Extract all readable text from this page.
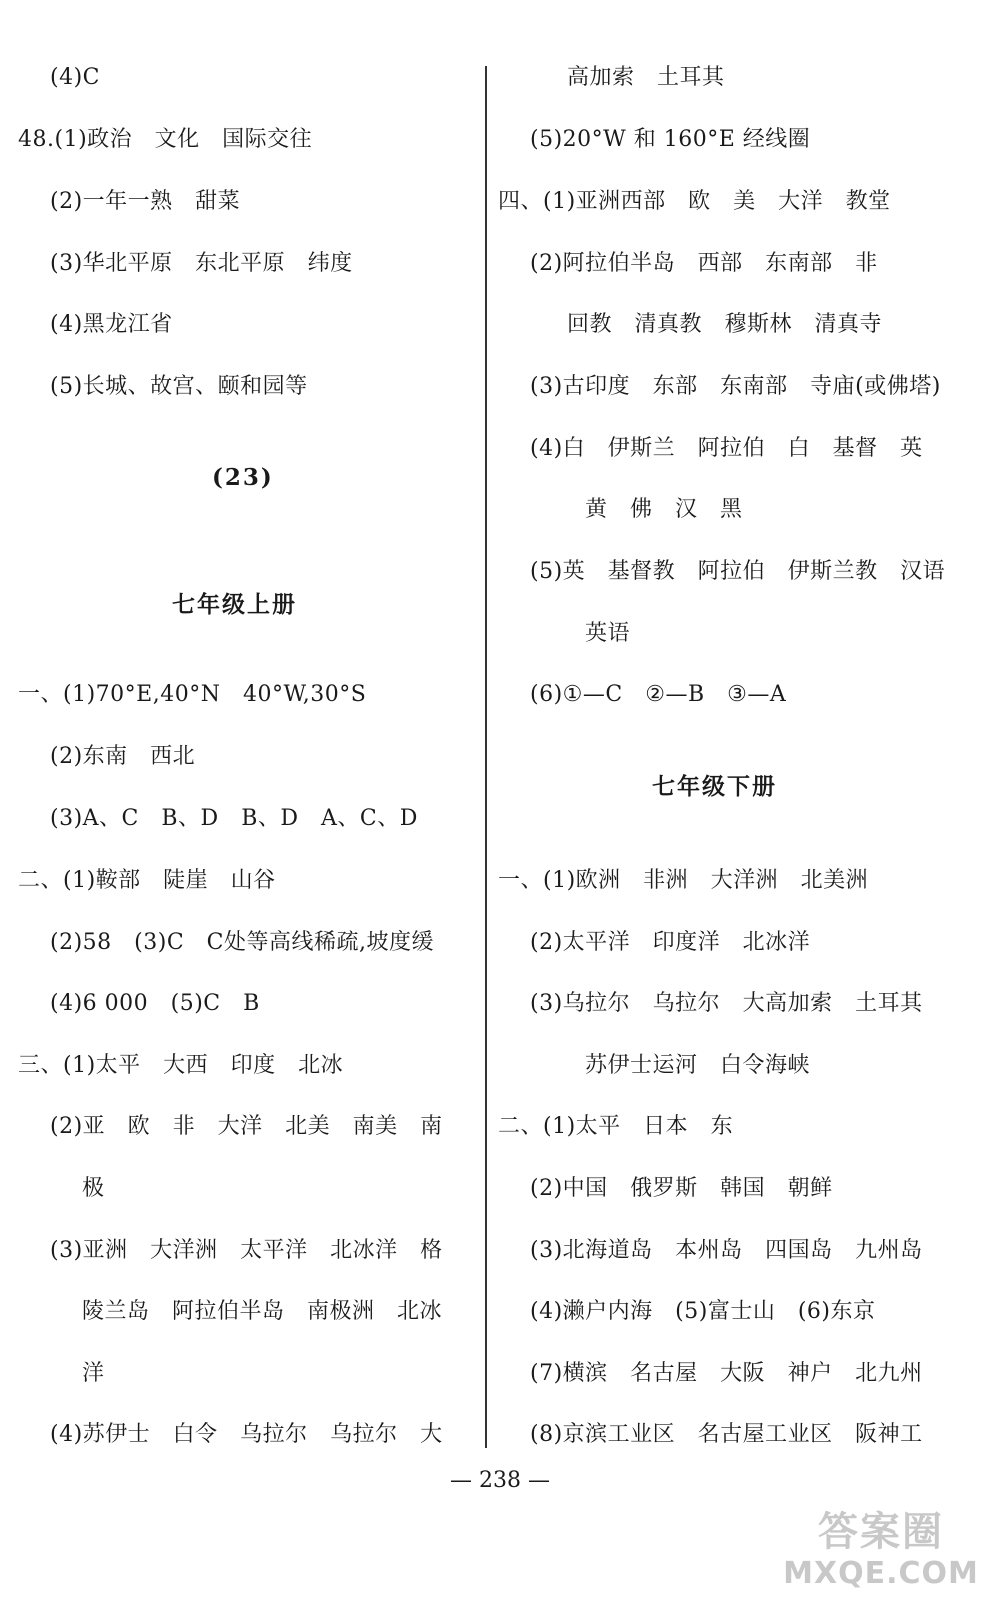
(4)C
48.(1)政治　文化　国际交往
(2)一年一熟　甜菜
(3)华北平原　东北平原　纬度
(4)黑龙江省
(5)长城、故宫、颐和园等
(23)
七年级上册
一、(1)70°E,40°N　40°W,30°S
(2)东南　西北
(3)A、C　B、D　B、D　A、C、D
二、(1)鞍部　陡崖　山谷
(2)58　(3)C　C处等高线稀疏,坡度缓
(4)6 000　(5)C　B
三、(1)太平　大西　印度　北冰
(2)亚　欧　非　大洋　北美　南美　南
极
(3)亚洲　大洋洲　太平洋　北冰洋　格
陵兰岛　阿拉伯半岛　南极洲　北冰
洋
(4)苏伊士　白令　乌拉尔　乌拉尔　大
高加索　土耳其
(5)20°W 和 160°E 经线圈
四、(1)亚洲西部　欧　美　大洋　教堂
(2)阿拉伯半岛　西部　东南部　非
回教　清真教　穆斯林　清真寺
(3)古印度　东部　东南部　寺庙(或佛塔)
(4)白　伊斯兰　阿拉伯　白　基督　英
黄　佛　汉　黑
(5)英　基督教　阿拉伯　伊斯兰教　汉语
英语
(6)①—C　②—B　③—A
七年级下册
一、(1)欧洲　非洲　大洋洲　北美洲
(2)太平洋　印度洋　北冰洋
(3)乌拉尔　乌拉尔　大高加索　土耳其
苏伊士运河　白令海峡
二、(1)太平　日本　东
(2)中国　俄罗斯　韩国　朝鲜
(3)北海道岛　本州岛　四国岛　九州岛
(4)濑户内海　(5)富士山　(6)东京
(7)横滨　名古屋　大阪　神户　北九州
(8)京滨工业区　名古屋工业区　阪神工
— 238 —
答案圈
MXQE.COM
